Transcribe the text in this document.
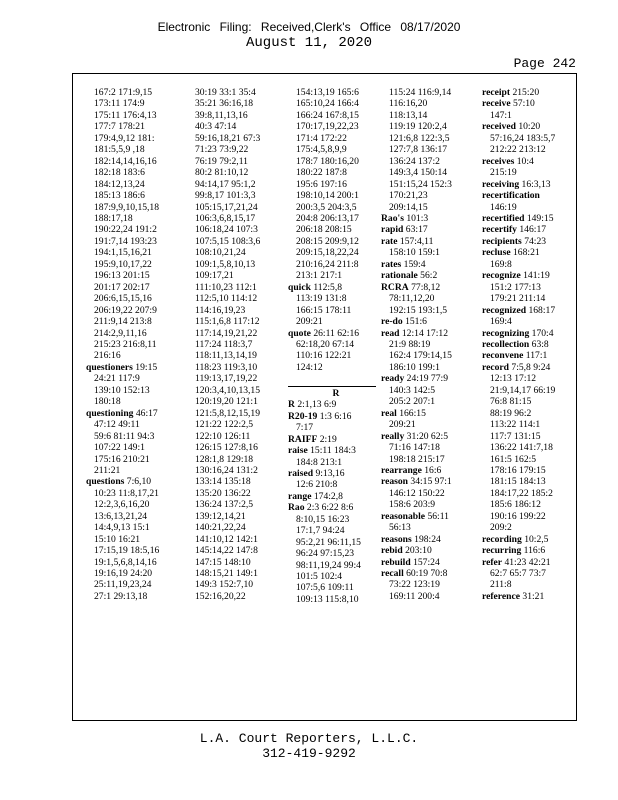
Electronic Filing: Received,Clerk's Office 08/17/2020
August 11, 2020
Page 242
167:2 171:9,15
173:11 174:9
175:11 176:4,13
177:7 178:21
179:4,9,12 181:
181:5,5,9 ,18
182:14,14,16,16
182:18 183:6
184:12,13,24
185:13 186:6
187:9,9,10,15,18
188:17,18
190:22,24 191:2
191:7,14 193:23
194:1,15,16,21
195:9,10,17,22
196:13 201:15
201:17 202:17
206:6,15,15,16
206:19,22 207:9
211:9,14 213:8
214:2,9,11,16
215:23 216:8,11
216:16
questioners 19:15
24:21 117:9
139:10 152:13
180:18
questioning 46:17
47:12 49:11
59:6 81:11 94:3
107:22 149:1
175:16 210:21
211:21
questions 7:6,10
10:23 11:8,17,21
12:2,3,6,16,20
13:6,13,21,24
14:4,9,13 15:1
15:10 16:21
17:15,19 18:5,16
19:1,5,6,8,14,16
19:16,19 24:20
25:11,19,23,24
27:1 29:13,18
30:19 33:1 35:4
35:21 36:16,18
39:8,11,13,16
40:3 47:14
59:16,18,21 67:3
71:23 73:9,22
76:19 79:2,11
80:2 81:10,12
94:14,17 95:1,2
99:8,17 101:3,3
105:15,17,21,24
106:3,6,8,15,17
106:18,24 107:3
107:5,15 108:3,6
108:10,21,24
109:1,5,8,10,13
109:17,21
111:10,23 112:1
112:5,10 114:12
114:16,19,23
115:1,6,8 117:12
117:14,19,21,22
117:24 118:3,7
118:11,13,14,19
118:23 119:3,10
119:13,17,19,22
120:3,4,10,13,15
120:19,20 121:1
121:5,8,12,15,19
121:22 122:2,5
122:10 126:11
126:15 127:8,16
128:1,8 129:18
130:16,24 131:2
133:14 135:18
135:20 136:22
136:24 137:2,5
139:12,14,21
140:21,22,24
141:10,12 142:1
145:14,22 147:8
147:15 148:10
148:15,21 149:1
149:3 152:7,10
152:16,20,22
154:13,19 165:6
165:10,24 166:4
166:24 167:8,15
170:17,19,22,23
171:4 172:22
175:4,5,8,9,9
178:7 180:16,20
180:22 187:8
195:6 197:16
198:10,14 200:1
200:3,5 204:3,5
204:8 206:13,17
206:18 208:15
208:15 209:9,12
209:15,18,22,24
210:16,24 211:8
213:1 217:1
quick 112:5,8
113:19 131:8
166:15 178:11
209:21
quote 26:11 62:16
62:18,20 67:14
110:16 122:21
124:12

R
R 2:1,13 6:9
R20-19 1:3 6:16
7:17
RAIFF 2:19
raise 15:11 184:3
184:8 213:1
raised 9:13,16
12:6 210:8
range 174:2,8
Rao 2:3 6:22 8:6
8:10,15 16:23
17:1,7 94:24
95:2,21 96:11,15
96:24 97:15,23
98:11,19,24 99:4
101:5 102:4
107:5,6 109:11
109:13 115:8,10
115:24 116:9,14
116:16,20
118:13,14
119:19 120:2,4
121:6,8 122:3,5
127:7,8 136:17
136:24 137:2
149:3,4 150:14
151:15,24 152:3
170:21,23
209:14,15
Rao's 101:3
rapid 63:17
rate 157:4,11
158:10 159:1
rates 159:4
rationale 56:2
RCRA 77:8,12
78:11,12,20
192:15 193:1,5
re-do 151:6
read 12:14 17:12
21:9 88:19
162:4 179:14,15
186:10 199:1
ready 24:19 77:9
140:3 142:5
205:2 207:1
real 166:15
209:21
really 31:20 62:5
71:16 147:18
198:18 215:17
rearrange 16:6
reason 34:15 97:1
146:12 150:22
158:6 203:9
reasonable 56:11
56:13
reasons 198:24
rebid 203:10
rebuild 157:24
recall 60:19 70:8
73:22 123:19
169:11 200:4
receipt 215:20
receive 57:10
147:1
received 10:20
57:16,24 183:5,7
212:22 213:12
receives 10:4
215:19
receiving 16:3,13
recertification
146:19
recertified 149:15
recertify 146:17
recipients 74:23
recluse 168:21
169:8
recognize 141:19
151:2 177:13
179:21 211:14
recognized 168:17
169:4
recognizing 170:4
recollection 63:8
reconvene 117:1
record 7:5,8 9:24
12:13 17:12
21:9,14,17 66:19
76:8 81:15
88:19 96:2
113:22 114:1
117:7 131:15
136:22 141:7,18
161:5 162:5
178:16 179:15
181:15 184:13
184:17,22 185:2
185:6 186:12
190:16 199:22
209:2
recording 10:2,5
recurring 116:6
refer 41:23 42:21
62:7 65:7 73:7
211:8
reference 31:21
L.A. Court Reporters, L.L.C.
312-419-9292
